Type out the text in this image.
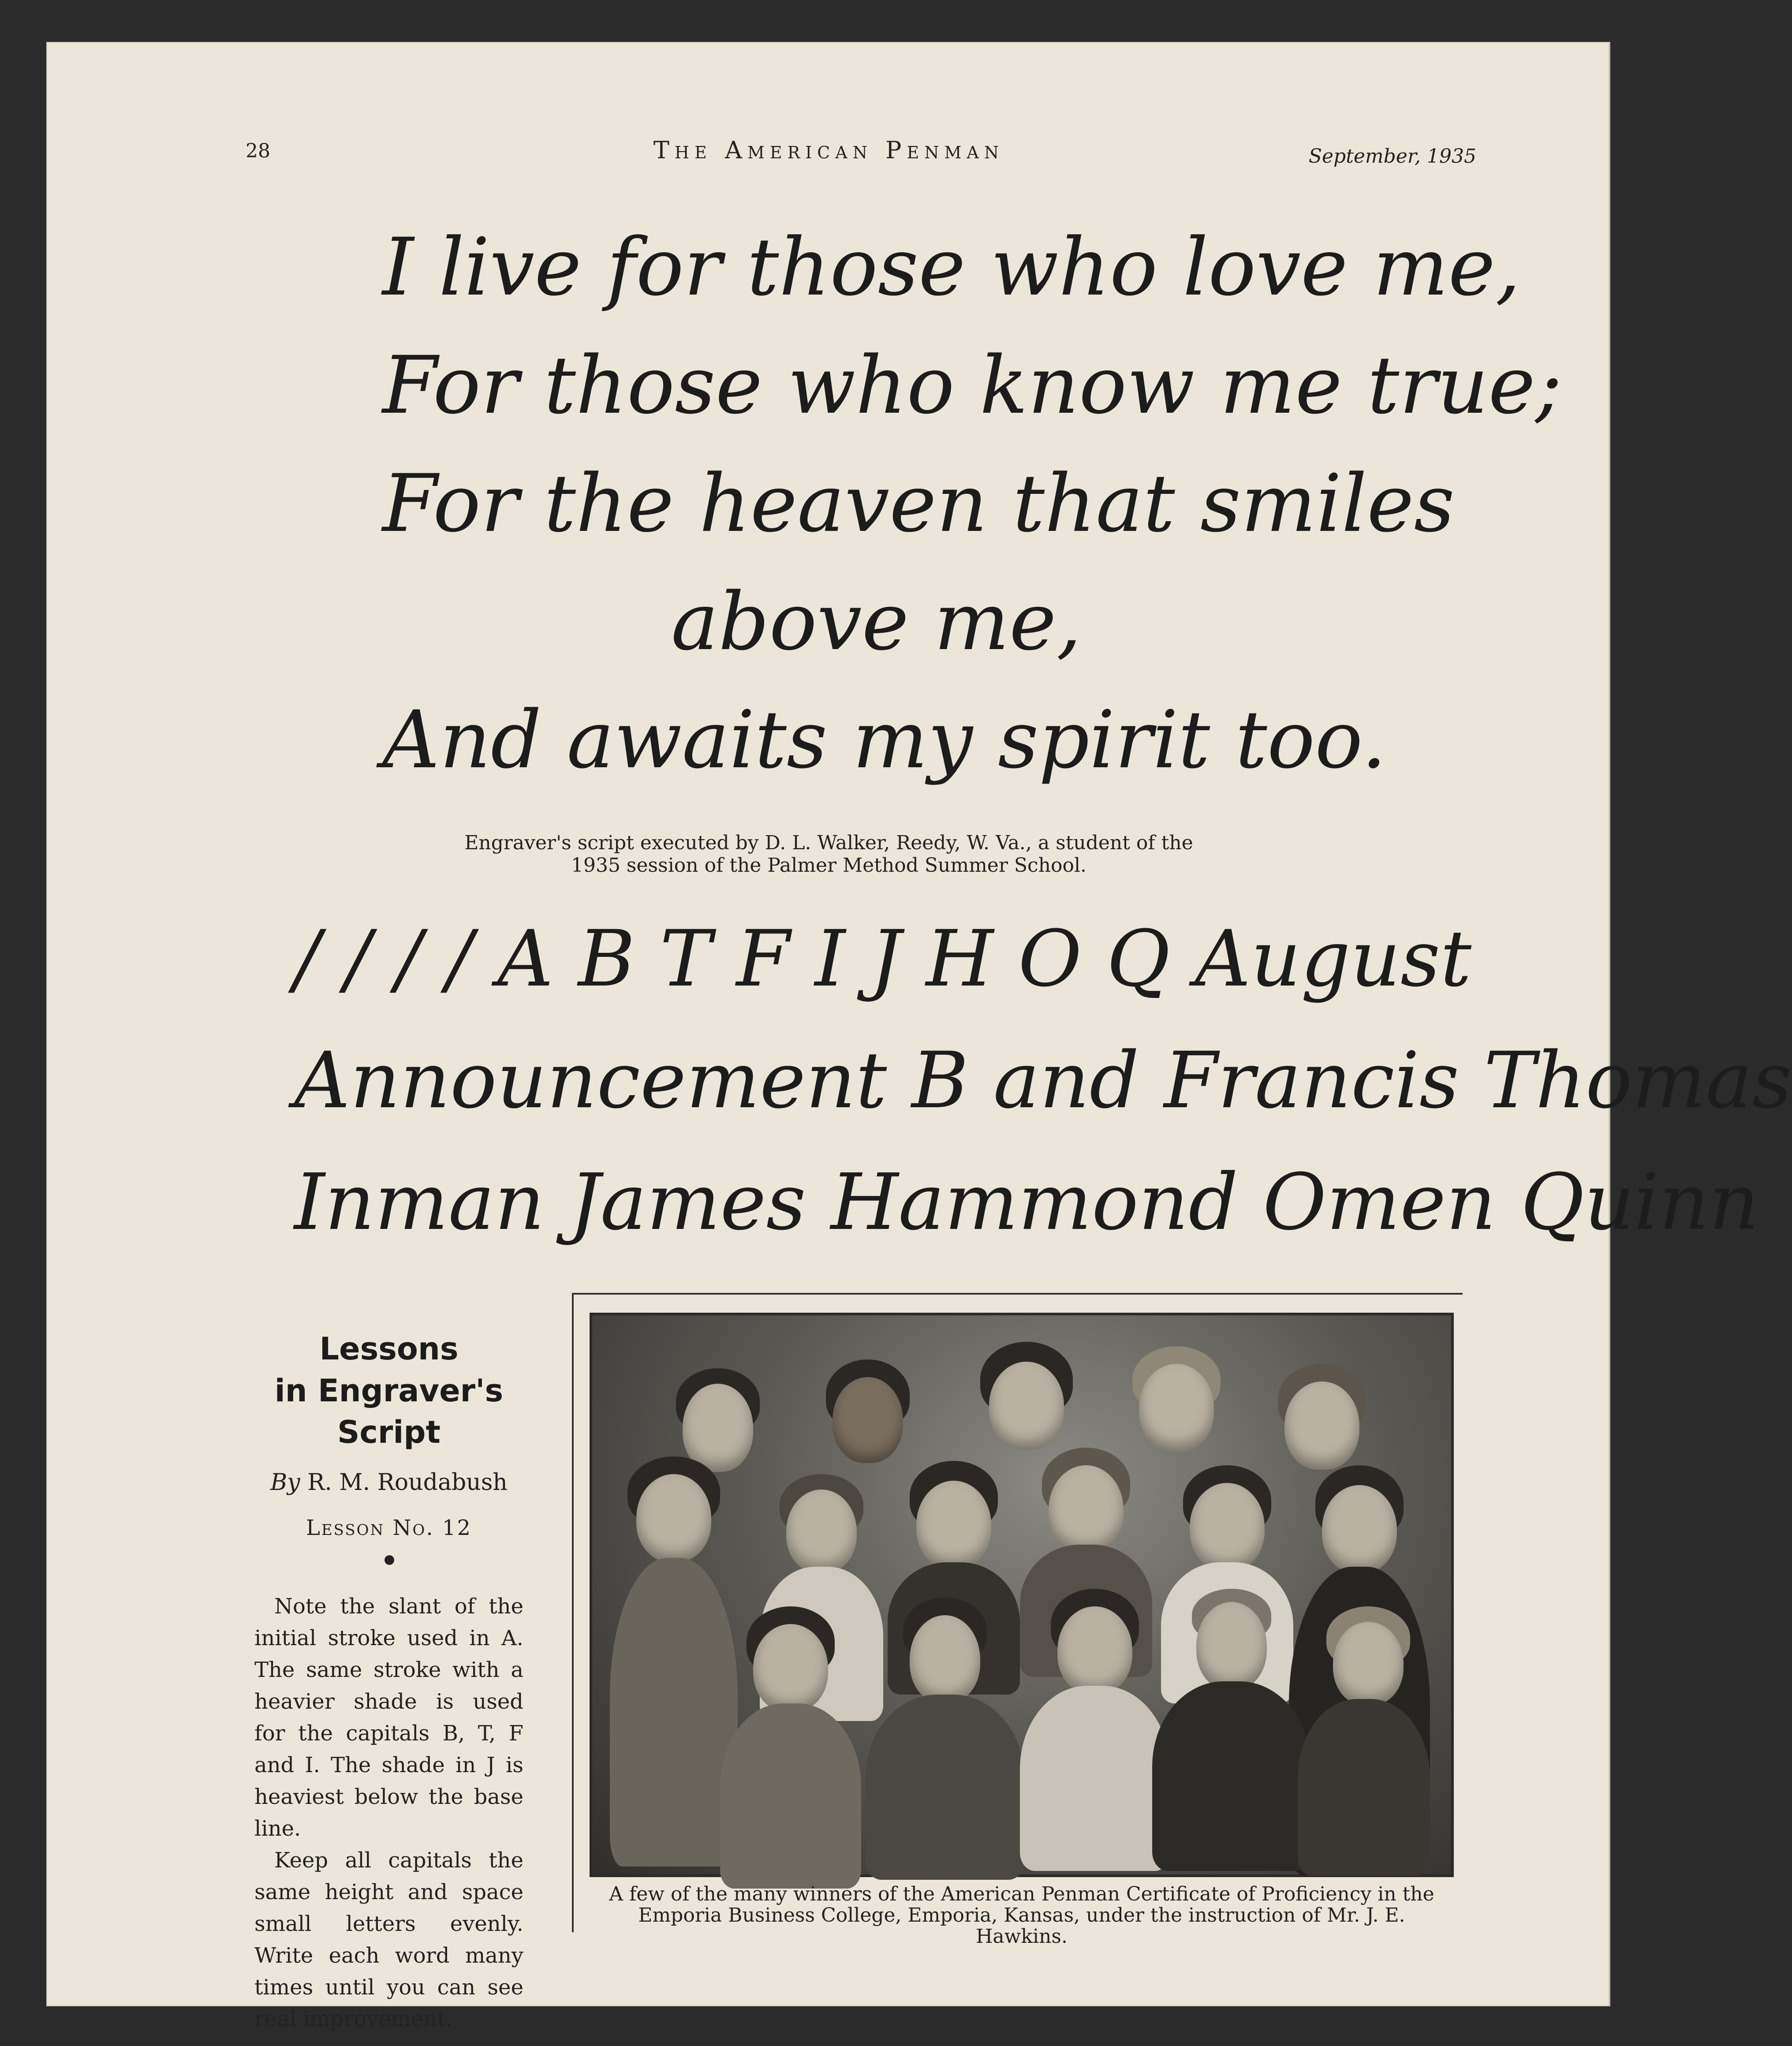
28	The American Penman	September, 1935
I live for those who love me,
For those who know me true;
For the heaven that smiles
above me,
And awaits my spirit too.
Engraver's script executed by D. L. Walker, Reedy, W. Va., a student of the
1935 session of the Palmer Method Summer School.
/ / / / A B T F I J H O Q August
Announcement B and Francis Thomas
Inman James Hammond Omen Quinn
Lessons
in Engraver's
Script
By R. M. Roudabush
Lesson No. 12

Note the slant of the initial stroke used in A. The same stroke with a heavier shade is used for the capitals B, T, F and I. The shade in J is heaviest below the base line.

Keep all capitals the same height and space small letters evenly. Write each word many times until you can see real improvement.

A few of the many winners of the American Penman Certificate of Proficiency in the
Emporia Business College, Emporia, Kansas, under the instruction of Mr. J. E. Hawkins.
